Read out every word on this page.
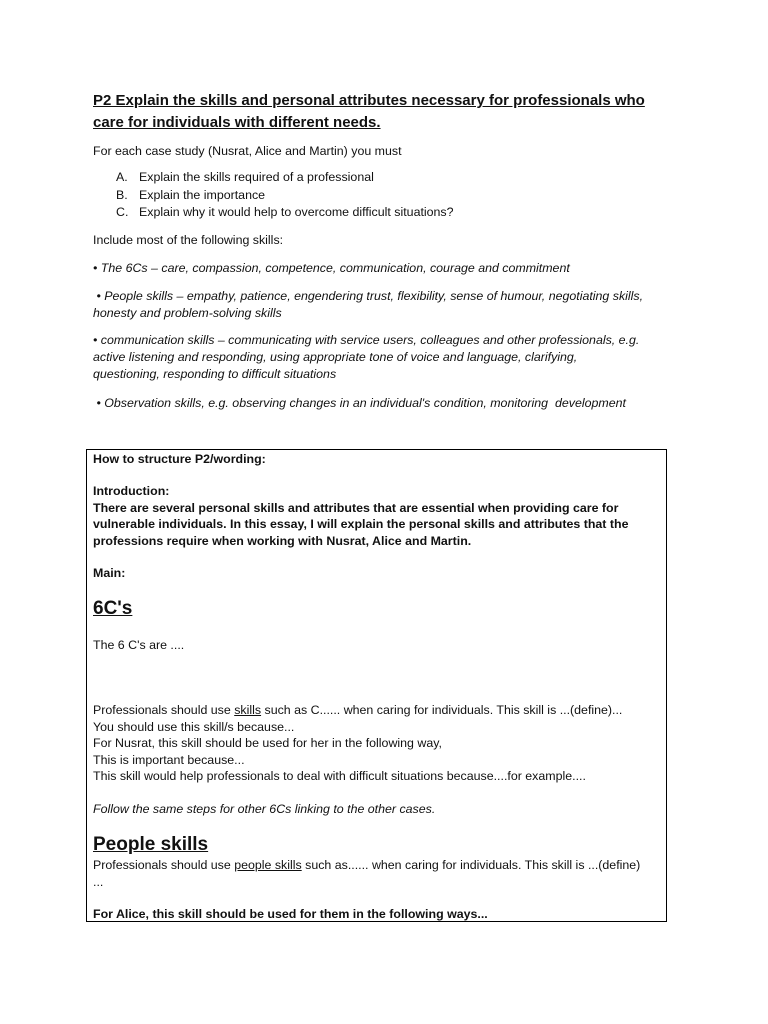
P2 Explain the skills and personal attributes necessary for professionals who
care for individuals with different needs.
For each case study (Nusrat, Alice and Martin) you must
A. Explain the skills required of a professional
B. Explain the importance
C. Explain why it would help to overcome difficult situations?
Include most of the following skills:
• The 6Cs – care, compassion, competence, communication, courage and commitment
• People skills – empathy, patience, engendering trust, flexibility, sense of humour, negotiating skills,
honesty and problem-solving skills
• communication skills – communicating with service users, colleagues and other professionals, e.g.
active listening and responding, using appropriate tone of voice and language, clarifying,
questioning, responding to difficult situations
• Observation skills, e.g. observing changes in an individual's condition, monitoring  development
How to structure P2/wording:
Introduction:
There are several personal skills and attributes that are essential when providing care for
vulnerable individuals. In this essay, I will explain the personal skills and attributes that the
professions require when working with Nusrat, Alice and Martin.
Main:
6C's
The 6 C's are ....
Professionals should use skills such as C...... when caring for individuals. This skill is ...(define)...
You should use this skill/s because...
For Nusrat, this skill should be used for her in the following way,
This is important because...
This skill would help professionals to deal with difficult situations because....for example....
Follow the same steps for other 6Cs linking to the other cases.
People skills
Professionals should use people skills such as...... when caring for individuals. This skill is ...(define)
...
For Alice, this skill should be used for them in the following ways...
